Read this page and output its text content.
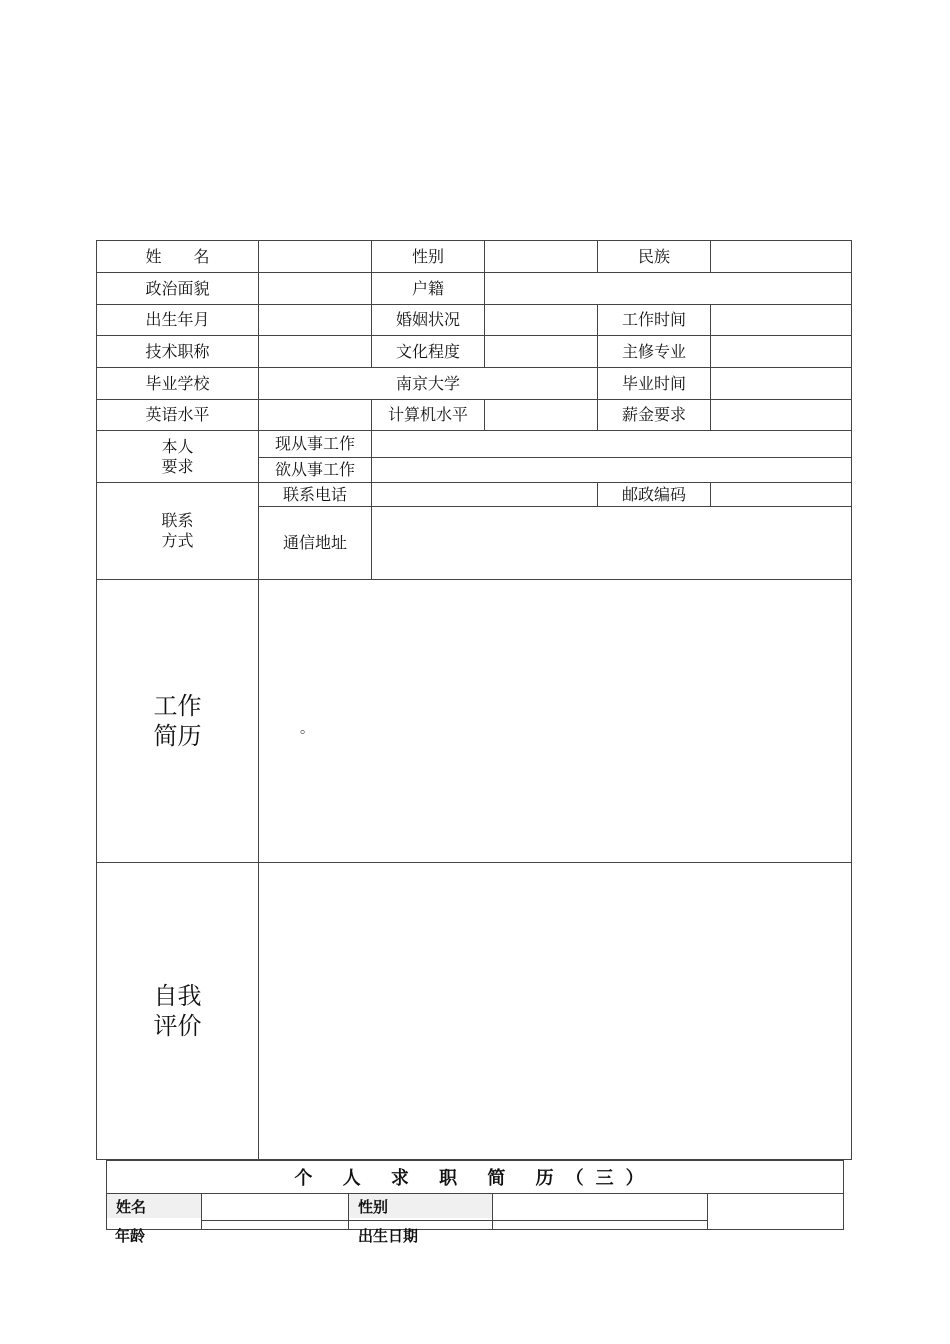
姓　　名	性别	民族
政治面貌	户籍
出生年月	婚姻状况	工作时间
技术职称	文化程度	主修专业
毕业学校	南京大学	毕业时间
英语水平	计算机水平	薪金要求
本人
要求
现从事工作
欲从事工作
联系
方式
联系电话	邮政编码
通信地址
工作
简历
自我
评价
。
个 人 求 职 简 历（三）
姓名	性别
年龄	出生日期
